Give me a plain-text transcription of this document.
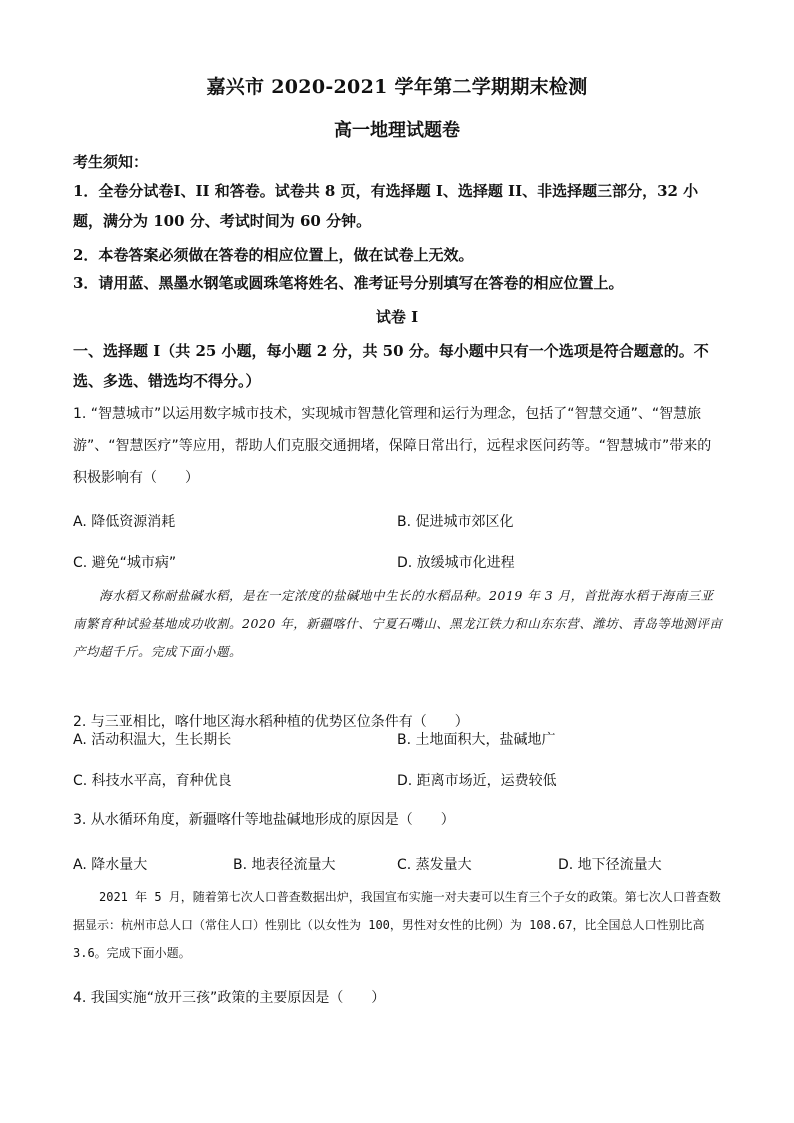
嘉兴市 2020-2021 学年第二学期期末检测
高一地理试题卷
考生须知：
1．全卷分试卷Ⅰ、II 和答卷。试卷共 8 页，有选择题 I、选择题 II、非选择题三部分，32 小题，满分为 100 分、考试时间为 60 分钟。
2．本卷答案必须做在答卷的相应位置上，做在试卷上无效。
3．请用蓝、黑墨水钢笔或圆珠笔将姓名、准考证号分别填写在答卷的相应位置上。
试卷 I
一、选择题 I（共 25 小题，每小题 2 分，共 50 分。每小题中只有一个选项是符合题意的。不选、多选、错选均不得分。）
1. “智慧城市”以运用数字城市技术，实现城市智慧化管理和运行为理念，包括了“智慧交通”、“智慧旅游”、“智慧医疗”等应用，帮助人们克服交通拥堵，保障日常出行，远程求医问药等。“智慧城市”带来的积极影响有（　　）
A. 降低资源消耗	B. 促进城市郊区化
C. 避免“城市病”	D. 放缓城市化进程
海水稻又称耐盐碱水稻，是在一定浓度的盐碱地中生长的水稻品种。2019 年 3 月，首批海水稻于海南三亚南繁育种试验基地成功收割。2020 年，新疆喀什、宁夏石嘴山、黑龙江铁力和山东东营、潍坊、青岛等地测评亩产均超千斤。完成下面小题。
2. 与三亚相比，喀什地区海水稻种植的优势区位条件有（　　）
A. 活动积温大，生长期长	B. 土地面积大，盐碱地广
C. 科技水平高，育种优良	D. 距离市场近，运费较低
3. 从水循环角度，新疆喀什等地盐碱地形成的原因是（　　）
A. 降水量大	B. 地表径流量大	C. 蒸发量大	D. 地下径流量大
2021 年 5 月，随着第七次人口普查数据出炉，我国宣布实施一对夫妻可以生育三个子女的政策。第七次人口普查数据显示：杭州市总人口（常住人口）性别比（以女性为 100，男性对女性的比例）为 108.67，比全国总人口性别比高 3.6。完成下面小题。
4. 我国实施“放开三孩”政策的主要原因是（　　）
